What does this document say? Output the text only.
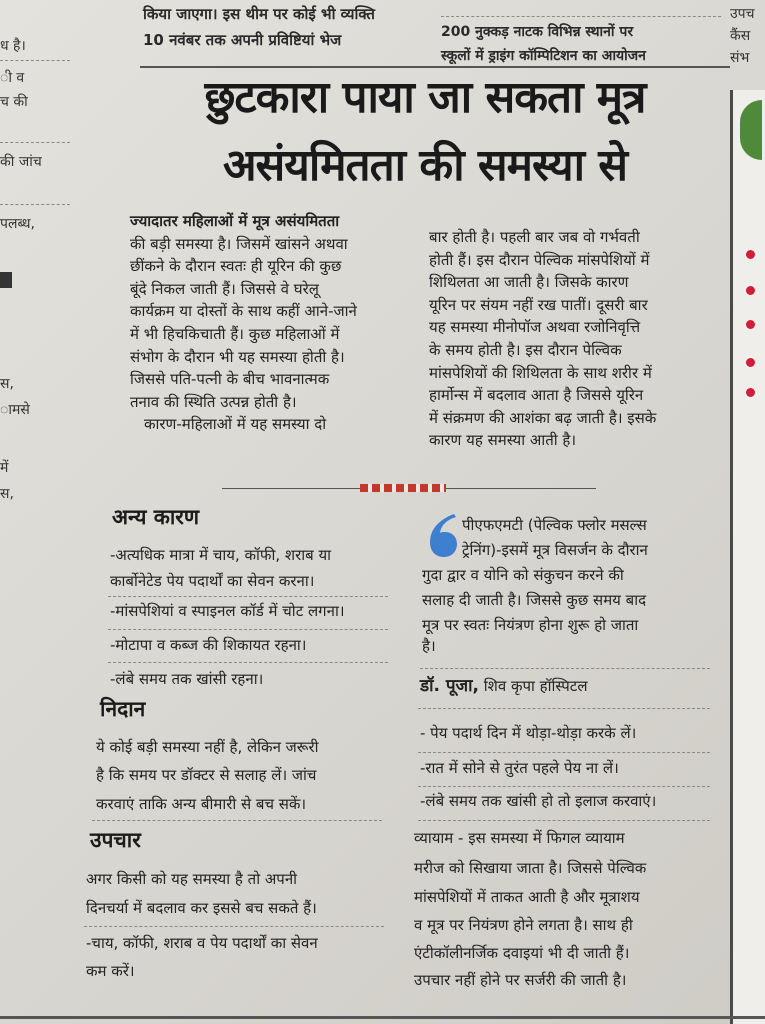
किया जाएगा। इस थीम पर कोई भी व्यक्ति
10 नवंबर तक अपनी प्रविष्टियां भेज	200 नुक्कड़ नाटक विभिन्न स्थानों पर
स्कूलों में ड्राइंग कॉम्पिटिशन का आयोजन
ध है।
ी व
च की
की जांच
पलब्ध,
स,
ामसे
में
स,
उपच
कैंस
संभ
छुटकारा पाया जा सकता मूत्र
असंयमितता की समस्या से

ज्यादातर महिलाओं में मूत्र असंयमितता

की बड़ी समस्या है। जिसमें खांसने अथवा

छींकने के दौरान स्वतः ही यूरिन की कुछ

बूंदे निकल जाती हैं। जिससे वे घरेलू

कार्यक्रम या दोस्तों के साथ कहीं आने-जाने

में भी हिचकिचाती हैं। कुछ महिलाओं में

संभोग के दौरान भी यह समस्या होती है।

जिससे पति-पत्नी के बीच भावनात्मक

तनाव की स्थिति उत्पन्न होती है।

कारण-महिलाओं में यह समस्या दो

बार होती है। पहली बार जब वो गर्भवती

होती हैं। इस दौरान पेल्विक मांसपेशियों में

शिथिलता आ जाती है। जिसके कारण

यूरिन पर संयम नहीं रख पातीं। दूसरी बार

यह समस्या मीनोपॉज अथवा रजोनिवृत्ति

के समय होती है। इस दौरान पेल्विक

मांसपेशियों की शिथिलता के साथ शरीर में

हार्मोन्स में बदलाव आता है जिससे यूरिन

में संक्रमण की आशंका बढ़ जाती है। इसके

कारण यह समस्या आती है।

अन्य कारण
-अत्यधिक मात्रा में चाय, कॉफी, शराब या
कार्बोनेटेड पेय पदार्थों का सेवन करना।
-मांसपेशियां व स्पाइनल कॉर्ड में चोट लगना।
-मोटापा व कब्ज की शिकायत रहना।
-लंबे समय तक खांसी रहना।
निदान
ये कोई बड़ी समस्या नहीं है, लेकिन जरूरी
है कि समय पर डॉक्टर से सलाह लें। जांच
करवाएं ताकि अन्य बीमारी से बच सकें।
उपचार
अगर किसी को यह समस्या है तो अपनी
दिनचर्या में बदलाव कर इससे बच सकते हैं।
-चाय, कॉफी, शराब व पेय पदार्थों का सेवन
कम करें।
पीएफएमटी (पेल्विक फ्लोर मसल्स
ट्रेनिंग)-इसमें मूत्र विसर्जन के दौरान
गुदा द्वार व योनि को संकुचन करने की
सलाह दी जाती है। जिससे कुछ समय बाद
मूत्र पर स्वतः नियंत्रण होना शुरू हो जाता
है।
डॉ. पूजा, शिव कृपा हॉस्पिटल
- पेय पदार्थ दिन में थोड़ा-थोड़ा करके लें।
-रात में सोने से तुरंत पहले पेय ना लें।
-लंबे समय तक खांसी हो तो इलाज करवाएं।
व्यायाम - इस समस्या में फिगल व्यायाम
मरीज को सिखाया जाता है। जिससे पेल्विक
मांसपेशियों में ताकत आती है और मूत्राशय
व मूत्र पर नियंत्रण होने लगता है। साथ ही
एंटीकॉलीनर्जिक दवाइयां भी दी जाती हैं।
उपचार नहीं होने पर सर्जरी की जाती है।
